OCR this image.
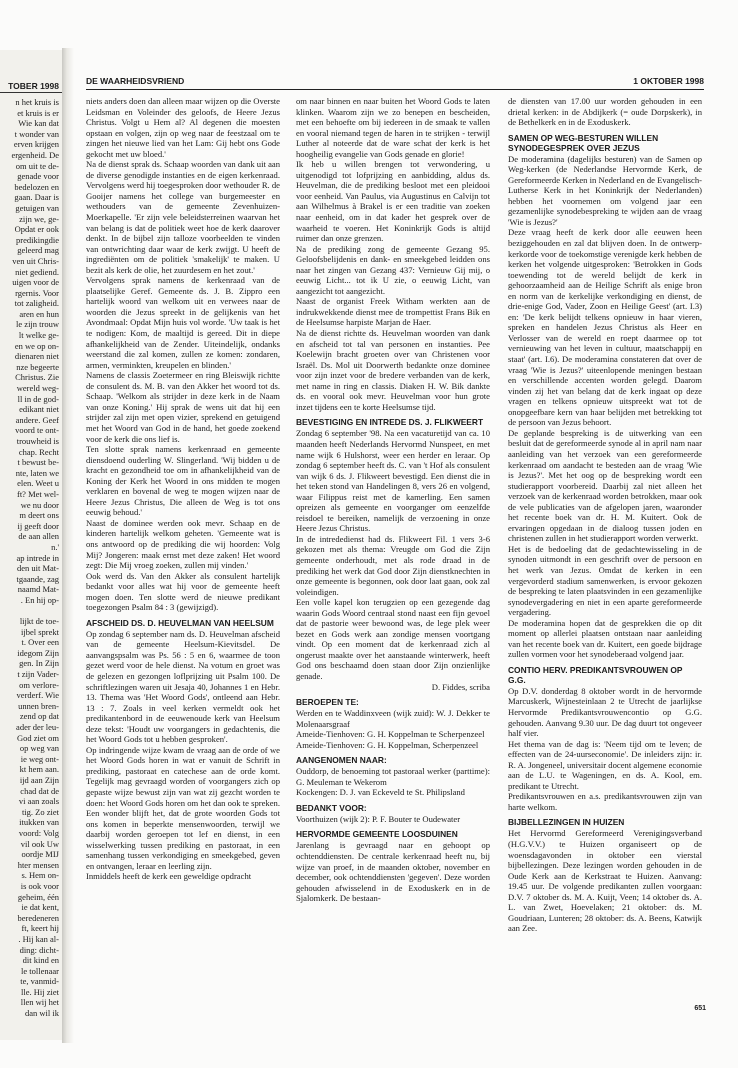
TOBER 1998
n het kruis is
et kruis is er
Wie kan dat
t wonder van
erven krijgen
ergenheid. De
om uit te de-
genade voor
bedelozen en
gaan. Daar is
getuigen van
zijn we, ge-
Opdat er ook
predikingdie
geleerd mag
ven uit Chris-
niet gediend.
uigen voor de
rgernis. Voor
tot zaligheid.
aren en hun
le zijn trouw
lt welke ge-
en we op on-
dienaren niet
nze begeerte
Christus. Zie
wereld weg-
ll in de god-
edikant niet
andere. Geef
voord te ont-
trouwheid is
chap. Recht
t bewust be-
nte, laten we
elen. Weet u
ft? Met wel-
we nu door
m deert ons
ij geeft door
de aan allen
n.'
ap intrede in
den uit Mat-
tgaande, zag
naamd Mat-
. En hij op-
lijkt de toe-
ijbel sprekt
t. Over een
idegom Zijn
gen. In Zijn
t zijn Vader-
om verlore-
verderf. Wie
unnen bren-
zend op dat
ader der leu-
God ziet om
op weg van
ie weg ont-
kt hem aan.
ijd aan Zijn
chad dat de
vi aan zoals
tig. Zo ziet
itukken van
voord: Volg
vil ook Uw
oordje MIJ
hter mensen
s. Hem on-
is ook voor
geheim, één
ie dat kent,
beredeneren
ft, keert hij
. Hij kan al-
ding: dicht-
dit kind en
le tollenaar
te, vanmid-
lle. Hij ziet
llen wij het
dan wil ik
DE WAARHEIDSVRIEND	1 OKTOBER 1998

niets anders doen dan alleen maar wijzen op die Overste Leidsman en Voleinder des geloofs, de Heere Jezus Christus. Volgt u Hem al? Al degenen die moesten opstaan en volgen, zijn op weg naar de feestzaal om te zingen het nieuwe lied van het Lam: Gij hebt ons Gode gekocht met uw bloed.'

Na de dienst sprak ds. Schaap woorden van dank uit aan de diverse genodigde instanties en de eigen kerkenraad. Vervolgens werd hij toegesproken door wethouder R. de Gooijer namens het college van burgemeester en wethouders van de gemeente Zevenhuizen-Moerkapelle. 'Er zijn vele beleidsterreinen waarvan het van belang is dat de politiek weet hoe de kerk daarover denkt. In de bijbel zijn talloze voorbeelden te vinden van ontwrichting daar waar de kerk zwijgt. U heeft de ingrediënten om de politiek 'smakelijk' te maken. U bezit als kerk de olie, het zuurdesem en het zout.'

Vervolgens sprak namens de kerkenraad van de plaatselijke Geref. Gemeente ds. J. B. Zippro een hartelijk woord van welkom uit en verwees naar de woorden die Jezus spreekt in de gelijkenis van het Avondmaal: Opdat Mijn huis vol worde. 'Uw taak is het te nodigen: Kom, de maaltijd is gereed. Dit in diepe afhankelijkheid van de Zender. Uiteindelijk, ondanks weerstand die zal komen, zullen ze komen: zondaren, armen, verminkten, kreupelen en blinden.'

Namens de classis Zoetermeer en ring Bleiswijk richtte de consulent ds. M. B. van den Akker het woord tot ds. Schaap. 'Welkom als strijder in deze kerk in de Naam van onze Koning.' Hij sprak de wens uit dat hij een strijder zal zijn met open vizier, sprekend en getuigend met het Woord van God in de hand, het goede zoekend voor de kerk die ons lief is.

Ten slotte sprak namens kerkenraad en gemeente diensdoend ouderling W. Slingerland. 'Wij bidden u de kracht en gezondheid toe om in afhankelijkheid van de Koning der Kerk het Woord in ons midden te mogen verklaren en bovenal de weg te mogen wijzen naar de Heere Jezus Christus, Die alleen de Weg is tot ons eeuwig behoud.'

Naast de dominee werden ook mevr. Schaap en de kinderen hartelijk welkom geheten. 'Gemeente wat is ons antwoord op de prediking die wij hoorden: Volg Mij? Jongeren: maak ernst met deze zaken! Het woord zegt: Die Mij vroeg zoeken, zullen mij vinden.'

Ook werd ds. Van den Akker als consulent hartelijk bedankt voor alles wat hij voor de gemeente heeft mogen doen. Ten slotte werd de nieuwe predikant toegezongen Psalm 84 : 3 (gewijzigd).

AFSCHEID DS. D. HEUVELMAN VAN HEELSUM

Op zondag 6 september nam ds. D. Heuvelman afscheid van de gemeente Heelsum-Kievitsdel. De aanvangspsalm was Ps. 56 : 5 en 6, waarmee de toon gezet werd voor de hele dienst. Na votum en groet was de gelezen en gezongen loflprijzing uit Psalm 100. De schriftlezingen waren uit Jesaja 40, Johannes 1 en Hebr. 13. Thema was 'Het Woord Gods', ontleend aan Hebr. 13 : 7. Zoals in veel kerken vermeldt ook het predikantenbord in de eeuwenoude kerk van Heelsum deze tekst: 'Houdt uw voorgangers in gedachtenis, die het Woord Gods tot u hebben gesproken'.

Op indringende wijze kwam de vraag aan de orde of we het Woord Gods horen in wat er vanuit de Schrift in prediking, pastoraat en catechese aan de orde komt. Tegelijk mag gevraagd worden of voorgangers zich op gepaste wijze bewust zijn van wat zij gezcht worden te doen: het Woord Gods horen om het dan ook te spreken. Een wonder blijft het, dat de grote woorden Gods tot ons komen in beperkte mensenwoorden, terwijl we daarbij worden geroepen tot lef en dienst, in een wisselwerking tussen prediking en pastoraat, in een samenhang tussen verkondiging en smeekgebed, geven en ontvangen, leraar en leerling zijn.

Inmiddels heeft de kerk een geweldige opdracht

om naar binnen en naar buiten het Woord Gods te laten klinken. Waarom zijn we zo benepen en bescheiden, met een behoefte om bij iedereen in de smaak te vallen en vooral niemand tegen de haren in te strijken - terwijl Luther al noteerde dat de ware schat der kerk is het hoogheilig evangelie van Gods genade en glorie!

Ik heb u willen brengen tot verwondering, u uitgenodigd tot lofprijzing en aanbidding, aldus ds. Heuvelman, die de prediking besloot met een pleidooi voor eenheid. Van Paulus, via Augustinus en Calvijn tot aan Wilhelmus à Brakel is er een traditie van zoeken naar eenheid, om in dat kader het gesprek over de waarheid te voeren. Het Koninkrijk Gods is altijd ruimer dan onze grenzen.

Na de prediking zong de gemeente Gezang 95. Geloofsbelijdenis en dank- en smeekgebed leidden ons naar het zingen van Gezang 437: Vernieuw Gij mij, o eeuwig Licht... tot ik U zie, o eeuwig Licht, van aangezicht tot aangezicht.

Naast de organist Freek Witham werkten aan de indrukwekkende dienst mee de trompettist Frans Bik en de Heelsumse harpiste Marjan de Haer.

Na de dienst richtte ds. Heuvelman woorden van dank en afscheid tot tal van personen en instanties. Pee Koelewijn bracht groeten over van Christenen voor Israël. Ds. Mol uit Doorwerth bedankte onze dominee voor zijn inzet voor de bredere verbanden van de kerk, met name in ring en classis. Diaken H. W. Bik dankte ds. en vooral ook mevr. Heuvelman voor hun grote inzet tijdens een te korte Heelsumse tijd.

BEVESTIGING EN INTREDE DS. J. FLIKWEERT

Zondag 6 september '98. Na een vacaturetijd van ca. 10 maanden heeft Nederlands Hervormd Nunspeet, en met name wijk 6 Hulshorst, weer een herder en leraar. Op zondag 6 september heeft ds. C. van 't Hof als consulent van wijk 6 ds. J. Flikweert bevestigd. Een dienst die in het teken stond van Handelingen 8, vers 26 en volgend, waar Filippus reist met de kamerling. Een samen opreizen als gemeente en voorganger om eenzelfde reisdoel te bereiken, namelijk de verzoening in onze Heere Jezus Christus.

In de intrededienst had ds. Flikweert Fil. 1 vers 3-6 gekozen met als thema: Vreugde om God die Zijn gemeente onderhoudt, met als rode draad in de prediking het werk dat God door Zijn dienstknechten in onze gemeente is begonnen, ook door laat gaan, ook zal voleindigen.

Een volle kapel kon terugzien op een gezegende dag waarin Gods Woord centraal stond naast een fijn gevoel dat de pastorie weer bewoond was, de lege plek weer bezet en Gods werk aan zondige mensen voortgang vindt. Op een moment dat de kerkenraad zich al ongerust maakte over het aanstaande winterwerk, heeft God ons beschaamd doen staan door Zijn onzienlijke genade.

D. Fiddes, scriba

BEROEPEN TE:

Werden en te Waddinxveen (wijk zuid): W. J. Dekker te Molenaarsgraaf

Ameide-Tienhoven: G. H. Koppelman te Scherpenzeel

Ameide-Tienhoven: G. H. Koppelman, Scherpenzeel

AANGENOMEN NAAR:

Ouddorp, de benoeming tot pastoraal werker (parttime): G. Meuleman te Wekerom

Kockengen: D. J. van Eckeveld te St. Philipsland

BEDANKT VOOR:

Voorthuizen (wijk 2): P. F. Bouter te Oudewater

HERVORMDE GEMEENTE LOOSDUINEN

Jarenlang is gevraagd naar en gehoopt op ochtenddiensten. De centrale kerkenraad heeft nu, bij wijze van proef, in de maanden oktober, november en december, ook ochtenddiensten 'gegeven'. Deze worden gehouden afwisselend in de Exoduskerk en in de Sjalomkerk. De bestaan-

de diensten van 17.00 uur worden gehouden in een drietal kerken: in de Abdijkerk (= oude Dorpskerk), in de Bethelkerk en in de Exoduskerk.

SAMEN OP WEG-BESTUREN WILLEN SYNODEGESPREK OVER JEZUS

De moderamina (dagelijks besturen) van de Samen op Weg-kerken (de Nederlandse Hervormde Kerk, de Gereformeerde Kerken in Nederland en de Evangelisch-Lutherse Kerk in het Koninkrijk der Nederlanden) hebben het voornemen om volgend jaar een gezamenlijke synodebespreking te wijden aan de vraag 'Wie is Jezus?'

Deze vraag heeft de kerk door alle eeuwen heen beziggehouden en zal dat blijven doen. In de ontwerp-kerkorde voor de toekomstige verenigde kerk hebben de kerken het volgende uitgesproken: 'Betrokken in Gods toewending tot de wereld belijdt de kerk in gehoorzaamheid aan de Heilige Schrift als enige bron en norm van de kerkelijke verkondiging en dienst, de drie-enige God, Vader, Zoon en Heilige Geest' (art. I.3) en: 'De kerk belijdt telkens opnieuw in haar vieren, spreken en handelen Jezus Christus als Heer en Verlosser van de wereld en roept daarmee op tot vernieuwing van het leven in cultuur, maatschappij en staat' (art. I.6). De moderamina constateren dat over de vraag 'Wie is Jezus?' uiteenlopende meningen bestaan en verschillende accenten worden gelegd. Daarom vinden zij het van belang dat de kerk ingaat op deze vragen en telkens opnieuw uitspreekt wat tot de onopgeefbare kern van haar belijden met betrekking tot de persoon van Jezus behoort.

De geplande bespreking is de uitwerking van een besluit dat de gereformeerde synode al in april nam naar aanleiding van het verzoek van een gereformeerde kerkenraad om aandacht te besteden aan de vraag 'Wie is Jezus?'. Met het oog op de bespreking wordt een studierapport voorbereid. Daarbij zal niet alleen het verzoek van de kerkenraad worden betrokken, maar ook de vele publicaties van de afgelopen jaren, waaronder het recente boek van dr. H. M. Kuitert. Ook de ervaringen opgedaan in de dialoog tussen joden en christenen zullen in het studierapport worden verwerkt.

Het is de bedoeling dat de gedachtewisseling in de synoden uitmondt in een geschrift over de persoon en het werk van Jezus. Omdat de kerken in een vergevorderd stadium samenwerken, is ervoor gekozen de bespreking te laten plaatsvinden in een gezamenlijke synodevergadering en niet in een aparte gereformeerde vergadering.

De moderamina hopen dat de gesprekken die op dit moment op allerlei plaatsen ontstaan naar aanleiding van het recente boek van dr. Kuitert, een goede bijdrage zullen vormen voor het synodeberaad volgend jaar.

CONTIO HERV. PREDIKANTSVROUWEN OP G.G.

Op D.V. donderdag 8 oktober wordt in de hervormde Marcuskerk, Wijnesteinlaan 2 te Utrecht de jaarlijkse Hervormde Predikantsvrouwencontio op G.G. gehouden. Aanvang 9.30 uur. De dag duurt tot ongeveer half vier.

Het thema van de dag is: 'Neem tijd om te leven; de effecten van de 24-uurseconomie'. De inleiders zijn: ir. R. A. Jongeneel, universitair docent algemene economie aan de L.U. te Wageningen, en ds. A. Kool, em. predikant te Utrecht.

Predikantsvrouwen en a.s. predikantsvrouwen zijn van harte welkom.

BIJBELLEZINGEN IN HUIZEN

Het Hervormd Gereformeerd Verenigingsverband (H.G.V.V.) te Huizen organiseert op de woensdagavonden in oktober een vierstal bijbellezingen. Deze lezingen worden gehouden in de Oude Kerk aan de Kerkstraat te Huizen. Aanvang: 19.45 uur. De volgende predikanten zullen voorgaan: D.V. 7 oktober ds. M. A. Kuijt, Veen; 14 oktober ds. A. L. van Zwet, Hoevelaken; 21 oktober: ds. M. Goudriaan, Lunteren; 28 oktober: ds. A. Beens, Katwijk aan Zee.

651
